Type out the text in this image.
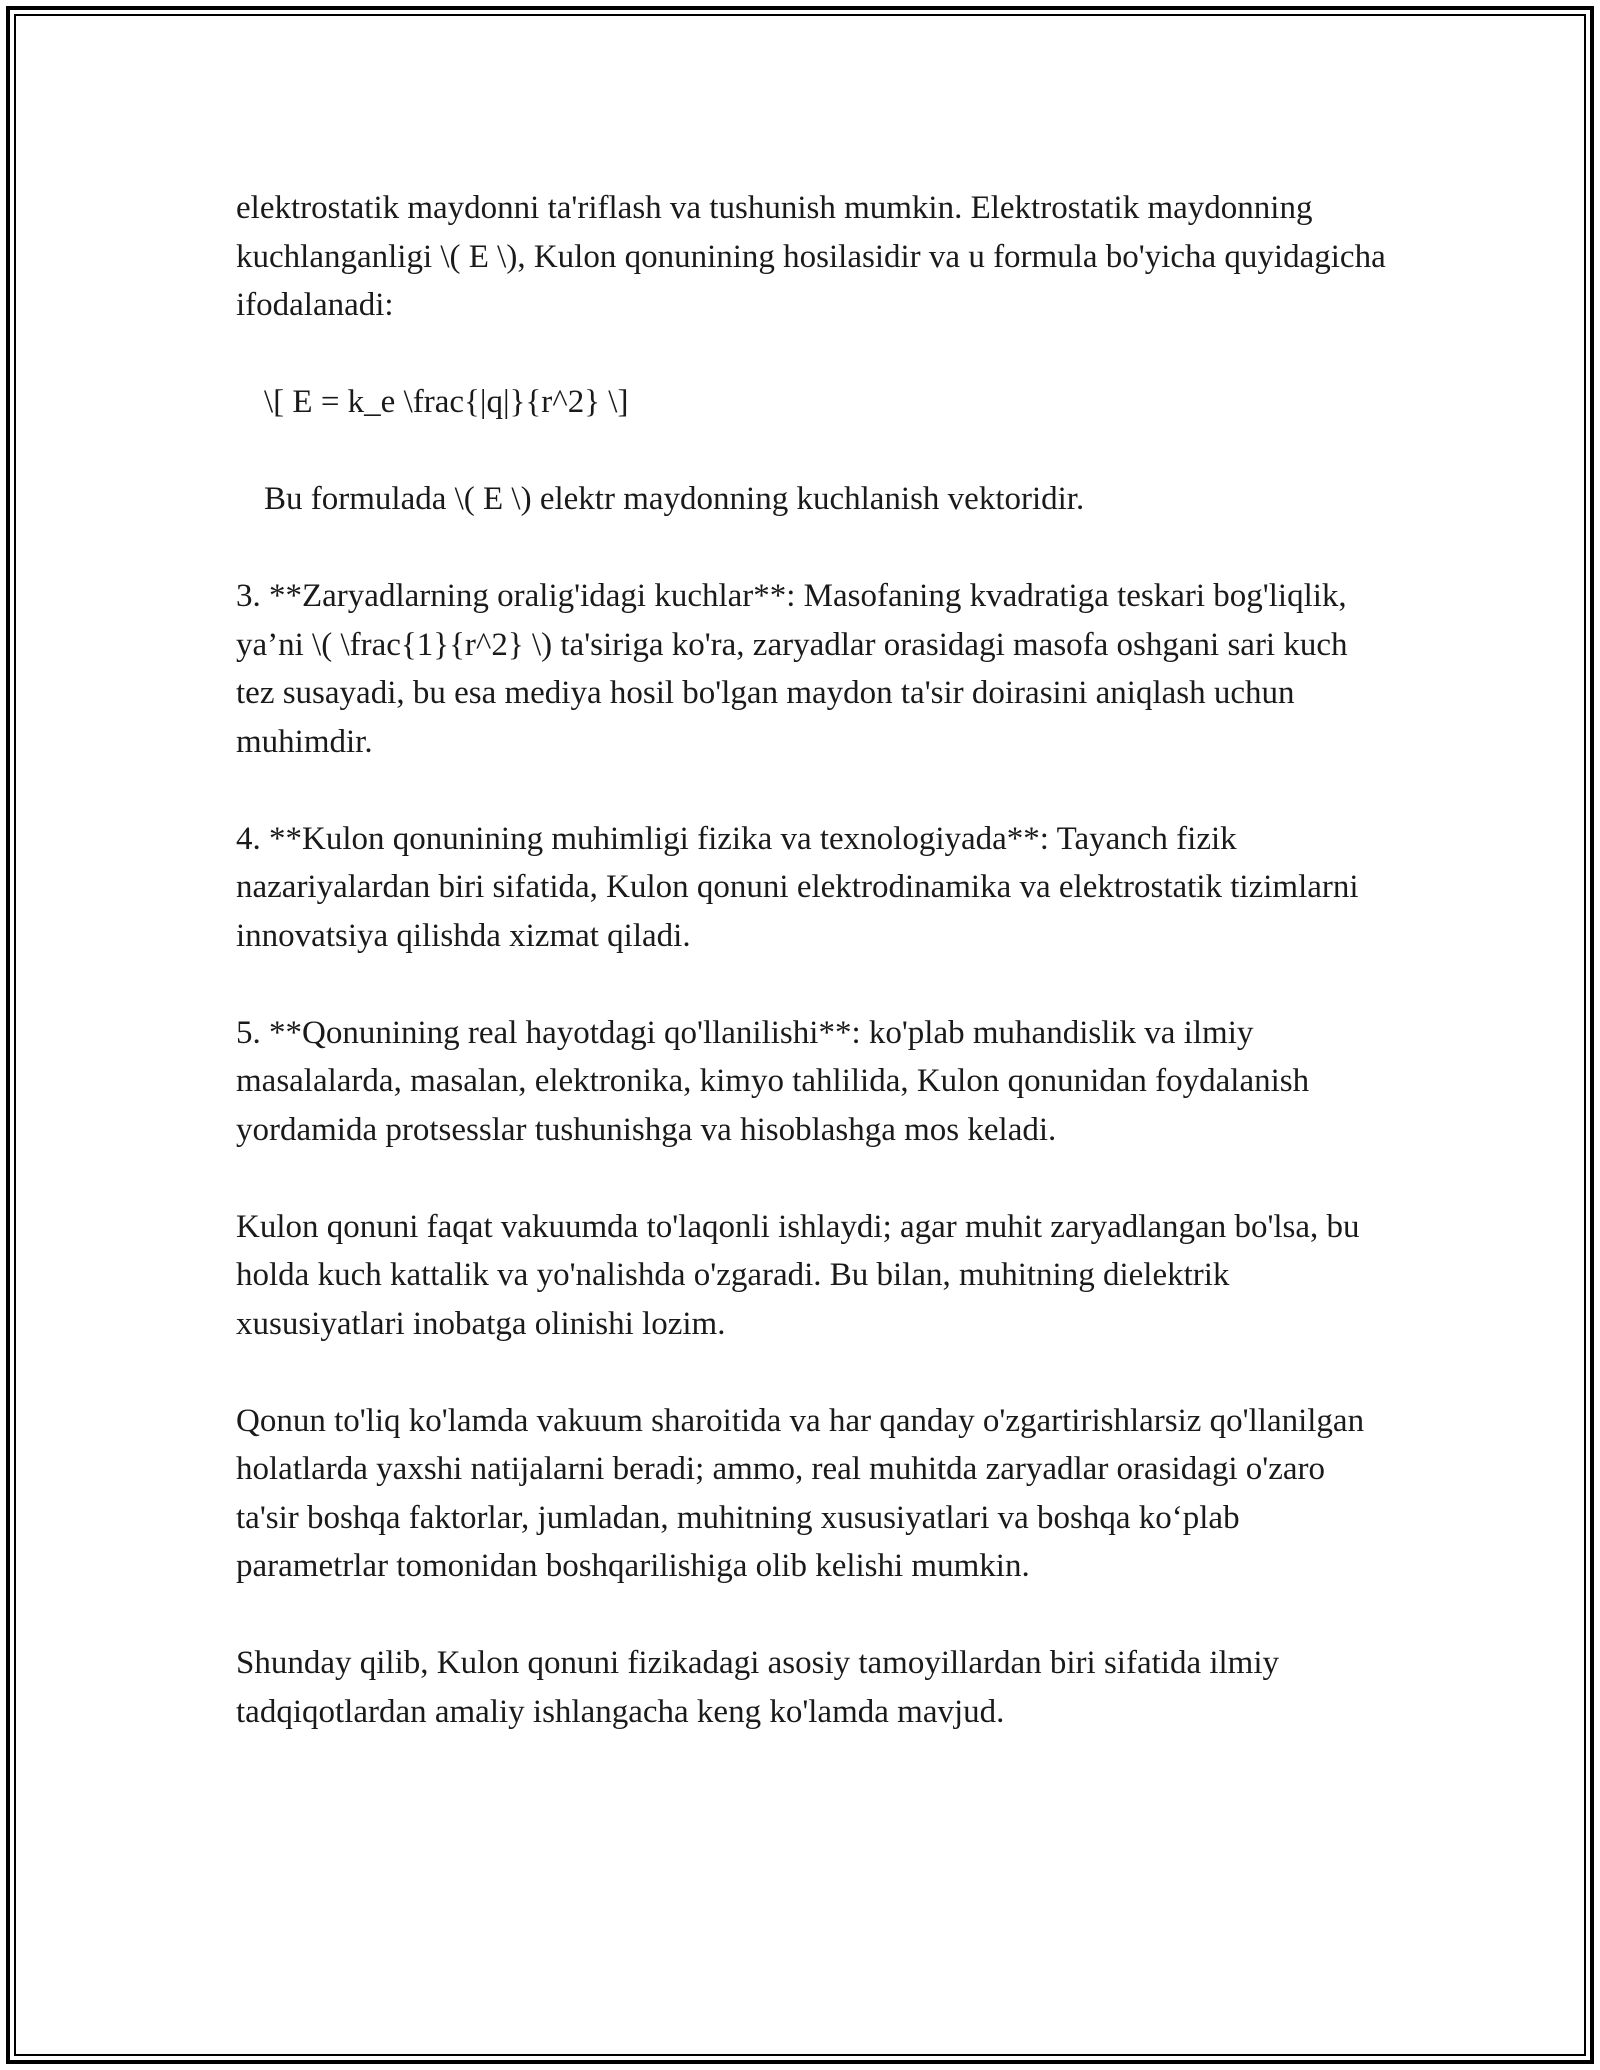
elektrostatik maydonni ta'riflash va tushunish mumkin. Elektrostatik maydonning kuchlanganligi \( E \), Kulon qonunining hosilasidir va u formula bo'yicha quyidagicha ifodalanadi:

\[ E = k_e \frac{|q|}{r^2} \]

Bu formulada \( E \) elektr maydonning kuchlanish vektoridir.

3. **Zaryadlarning oralig'idagi kuchlar**: Masofaning kvadratiga teskari bog'liqlik, ya’ni \( \frac{1}{r^2} \) ta'siriga ko'ra, zaryadlar orasidagi masofa oshgani sari kuch tez susayadi, bu esa mediya hosil bo'lgan maydon ta'sir doirasini aniqlash uchun muhimdir.

4. **Kulon qonunining muhimligi fizika va texnologiyada**: Tayanch fizik nazariyalardan biri sifatida, Kulon qonuni elektrodinamika va elektrostatik tizimlarni innovatsiya qilishda xizmat qiladi.

5. **Qonunining real hayotdagi qo'llanilishi**: ko'plab muhandislik va ilmiy masalalarda, masalan, elektronika, kimyo tahlilida, Kulon qonunidan foydalanish yordamida protsesslar tushunishga va hisoblashga mos keladi.

Kulon qonuni faqat vakuumda to'laqonli ishlaydi; agar muhit zaryadlangan bo'lsa, bu holda kuch kattalik va yo'nalishda o'zgaradi. Bu bilan, muhitning dielektrik xususiyatlari inobatga olinishi lozim.

Qonun to'liq ko'lamda vakuum sharoitida va har qanday o'zgartirishlarsiz qo'llanilgan holatlarda yaxshi natijalarni beradi; ammo, real muhitda zaryadlar orasidagi o'zaro ta'sir boshqa faktorlar, jumladan, muhitning xususiyatlari va boshqa ko‘plab parametrlar tomonidan boshqarilishiga olib kelishi mumkin.

Shunday qilib, Kulon qonuni fizikadagi asosiy tamoyillardan biri sifatida ilmiy tadqiqotlardan amaliy ishlangacha keng ko'lamda mavjud.
